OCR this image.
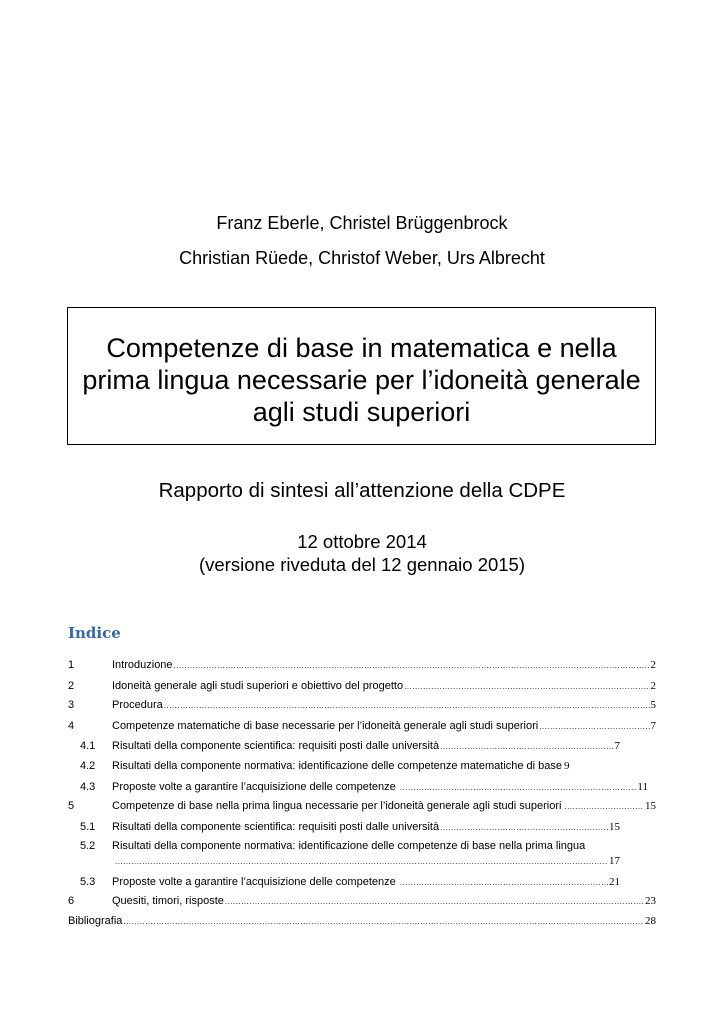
Franz Eberle, Christel Brüggenbrock
Christian Rüede, Christof Weber, Urs Albrecht
Competenze di base in matematica e nella prima lingua necessarie per l’idoneità generale agli studi superiori
Rapporto di sintesi all’attenzione della CDPE
12 ottobre 2014
(versione riveduta del 12 gennaio 2015)
Indice
1	Introduzione .....	2
2	Idoneità generale agli studi superiori e obiettivo del progetto .....	2
3	Procedura .....	5
4	Competenze matematiche di base necessarie per l’idoneità generale agli studi superiori .....	7
4.1 Risultati della componente scientifica: requisiti posti dalle università .....	7
4.2 Risultati della componente normativa: identificazione delle competenze matematiche di base 9
4.3 Proposte volte a garantire l’acquisizione delle competenze .....	11
5	Competenze di base nella prima lingua necessarie per l’idoneità generale agli studi superiori .....	15
5.1 Risultati della componente scientifica: requisiti posti dalle università .....	15
5.2 Risultati della componente normativa: identificazione delle competenze di base nella prima lingua
.....
17
5.3 Proposte volte a garantire l’acquisizione delle competenze .....	21
6	Quesiti, timori, risposte .....	23
Bibliografia .....	28
